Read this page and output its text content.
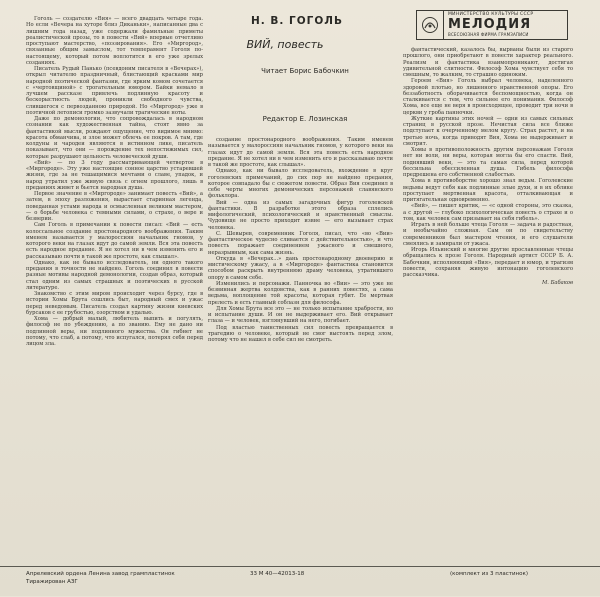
Н. В. ГОГОЛЬ
ВИЙ, повесть
Читает Борис Бабочкин
Редактор Е. Лозинская
МИНИСТЕРСТВО КУЛЬТУРЫ СССР
МЕЛОДИЯ
ВСЕСОЮЗНАЯ ФИРМА ГРАМЗАПИСИ

Гоголь — создателю «Вия» — всего двадцать четыре года. Но если «Вечера на хуторе близ Диканьки», написанные два с лишним года назад, уже содержали фамильные приметы реалистической прозы, то в повести «Вий» впервые отчетливо проступают мастерство, «поэзирования». Его «Миргород», связанные общим замыслом, тот темперамент Гоголя по-настоящему, который потом воплотится в его уже зрелых созданиях.

Писатель Рудый Панько (псевдоним писателя в «Вечерах»), открыл читателю праздничный, блистающий красками мир народной поэтической фантазии, где ярким комом сочетается с «чертовщиной» с трогательным юмором. Байки немало в лучшем рассказе привлечь подлинную красоту и бескорыстность людей, проникли свободного чувства, слившегося с первозданною природой. Но «Миргород» уже в поэтичной летописи громко зазвучали трагические ноты.

Даже по демонологии, что сопровождалась в народном сознании как художественная тайна, стоят явно за фантастикой мысли, рождают ощущение, что видимое мнимо: красота обманчива, и злое может облечь ее покров. А там, где колдуны и чародеи являются в истинном лике, писатель показывает, что они — порождение тех непостижимых сил, которые разрушают цельность человеческой души.

«Вий» — по 3 году рассматривающей четвертое в «Миргороде». Эту уже настоящие сонное царство устаревшей жизни, где за не тешащимися мечтами о славе, упадок, и народ утратил уже живую связь с огнем прошлого, лишь в преданиях живет и бьется народная душа.

Первое значение в «Миргороде» занимает повесть «Вий», а затем, в эпоху разложения, вырастает старинная легенда, поведанная устами народа и осмысленная великим мастером, — о борьбе человека с темными силами, о страхе, о вере и безверии.

Сам Гоголь в примечании к повести писал: «Вий — есть колоссальное создание простонародного воображения. Таким именем называется у малороссиян начальник гномов, у которого веки на глазах идут до самой земли. Вся эта повесть есть народное предание. Я не хотел ни в чем изменить его и рассказываю почти в такой же простоте, как слышал».

Однако, как не бывало исследователь, ни одного такого предания в точности не найдено. Гоголь соединил в повести разные мотивы народной демонологии, создав образ, который стал одним из самых страшных и поэтических в русской литературе.

Знакомство с этим миром происходит через бурсу, где в истории Хомы Брута сошлись быт, народный смех и ужас перед неведомым. Писатель создал картину жизни киевских бурсаков с ее грубостью, озорством и удалью.

Хома — добрый малый, любитель выпить и погулять, философ не по убеждению, а по званию. Ему не дано ни подлинной веры, ни подлинного мужества. Он гибнет не потому, что слаб, а потому, что испугался, потерял себя перед лицом зла.

создание простонародного воображения. Таким именем называется у малороссиян начальник гномов, у которого веки на глазах идут до самой земли. Вся эта повесть есть народное предание. Я не хотел ни в чем изменить его и рассказываю почти в такой же простоте, как слышал».

Однако, как ни бывало исследователь, вхождение в круг гоголевских примечаний, до сих пор не найдено предания, которое совпадало бы с сюжетом повести. Образ Вия соединил в себе черты многих демонических персонажей славянского фольклора.

Вий — одна из самых загадочных фигур гоголевской фантастики. В разработке этого образа сплелись мифологический, психологический и нравственный смыслы. Чудовище не просто приходит извне — его вызывает страх человека.

С. Шевырев, современник Гоголя, писал, что «во «Вии» фантастическое чудесно сливается с действительностью», и что повесть поражает соединением ужасного и смешного, неразрывным, как сама жизнь.

Откуда в «Вечерах...» дань простонародному двоеверию и мистическому ужасу, а в «Миргороде» фантастика становится способом раскрыть внутреннюю драму человека, утратившего опору в самом себе.

Изменились и персонажи. Панночка во «Вии» — это уже не безвинная жертва колдовства, как в ранних повестях, а сама ведьма, воплощение той красоты, которая губит. Ее мертвая прелесть и есть главный соблазн для философа.

Для Хомы Брута все это — не только испытание храбрости, но и испытание души. И он не выдерживает его. Вий открывает глаза — и человек, взглянувший на него, погибает.

Под властью таинственных сил повесть превращается в трагедию о человеке, который не смог выстоять перед злом, потому что не нашел в себе сил не смотреть.

фантастический, казалось бы, вырваны были из старого прошлого, они приобретают в повести характер реального. Реализм и фантастика взаимопроникают, достигая удивительной слитности. Философ Хома чувствует себя то смешным, то жалким, то страшно одиноким.

Героем «Вия» Гоголь выбрал человека, наделенного здоровой плотью, но лишенного нравственной опоры. Его беззаботность оборачивается беспомощностью, когда он сталкивается с тем, что сильнее его понимания. Философ Хома, все еще не веря в происходящее, проводит три ночи в церкви у гроба панночки.

Жуткие картины этих ночей — одни из самых сильных страниц в русской прозе. Нечистая сила все ближе подступает к очерченному мелом кругу. Страх растет, и на третью ночь, когда приводят Вия, Хома не выдерживает и смотрит.

Хомы в противоположность другим персонажам Гоголя нет ни воли, ни веры, которая могла бы его спасти. Вий, поднявший веки, — это та самая сила, перед которой бессильна обессиленная душа. Гибель философа предрешена его собственной слабостью.

Хома в противоборстве хорошо знал ведьм. Гоголевские ведьмы ведут себя как подлинные злые духи, и в их облике проступает мертвенная красота, отталкивающая и притягательная одновременно.

«Вий», — пишет критик, — «с одной стороны, это сказка, а с другой — глубоко психологическая повесть о страхе и о том, как человек сам призывает на себя гибель».

Играть в ней больше чтеца Гоголя — задача и радостная, и необычайно сложная. Сам он по свидетельству современников был мастером чтения, и его слушатели смеялись и замирали от ужаса.

Игорь Ильинский и многие другие прославленные чтецы обращались к прозе Гоголя. Народный артист СССР Б. А. Бабочкин, исполняющий «Вия», передает и юмор, и трагизм повести, сохраняя живую интонацию гоголевского рассказчика.

М. Бабаков

Апрелевский ордена Ленина завод грампластинок
Тиражирован АЗГ
33 М 40—42013-18	(комплект из 3 пластинок)
